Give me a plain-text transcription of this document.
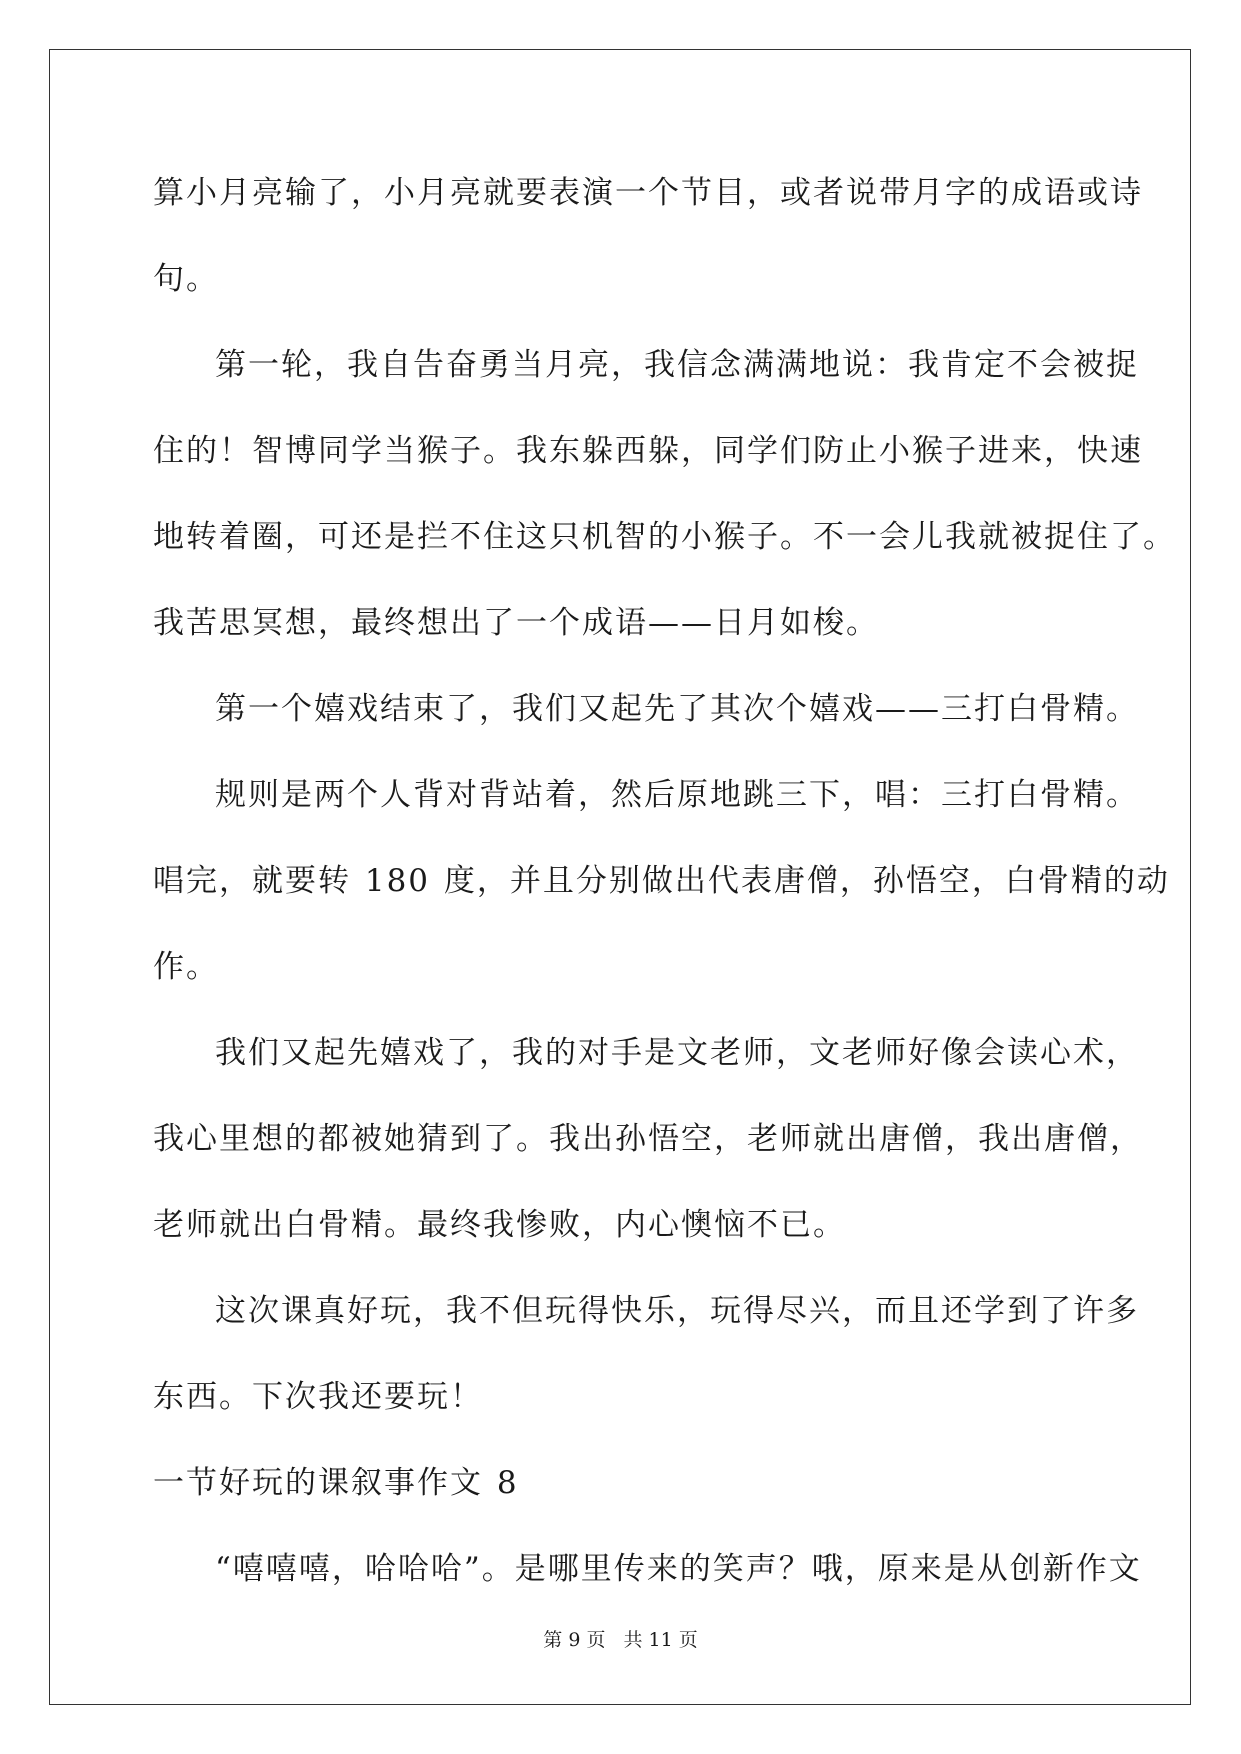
算小月亮输了，小月亮就要表演一个节目，或者说带月字的成语或诗
句。
第一轮，我自告奋勇当月亮，我信念满满地说：我肯定不会被捉
住的！智博同学当猴子。我东躲西躲，同学们防止小猴子进来，快速
地转着圈，可还是拦不住这只机智的小猴子。不一会儿我就被捉住了。
我苦思冥想，最终想出了一个成语——日月如梭。
第一个嬉戏结束了，我们又起先了其次个嬉戏——三打白骨精。
规则是两个人背对背站着，然后原地跳三下，唱：三打白骨精。
唱完，就要转 180 度，并且分别做出代表唐僧，孙悟空，白骨精的动
作。
我们又起先嬉戏了，我的对手是文老师，文老师好像会读心术，
我心里想的都被她猜到了。我出孙悟空，老师就出唐僧，我出唐僧，
老师就出白骨精。最终我惨败，内心懊恼不已。
这次课真好玩，我不但玩得快乐，玩得尽兴，而且还学到了许多
东西。下次我还要玩！
一节好玩的课叙事作文 8
“嘻嘻嘻，哈哈哈”。是哪里传来的笑声？哦，原来是从创新作文
第 9 页 共 11 页
